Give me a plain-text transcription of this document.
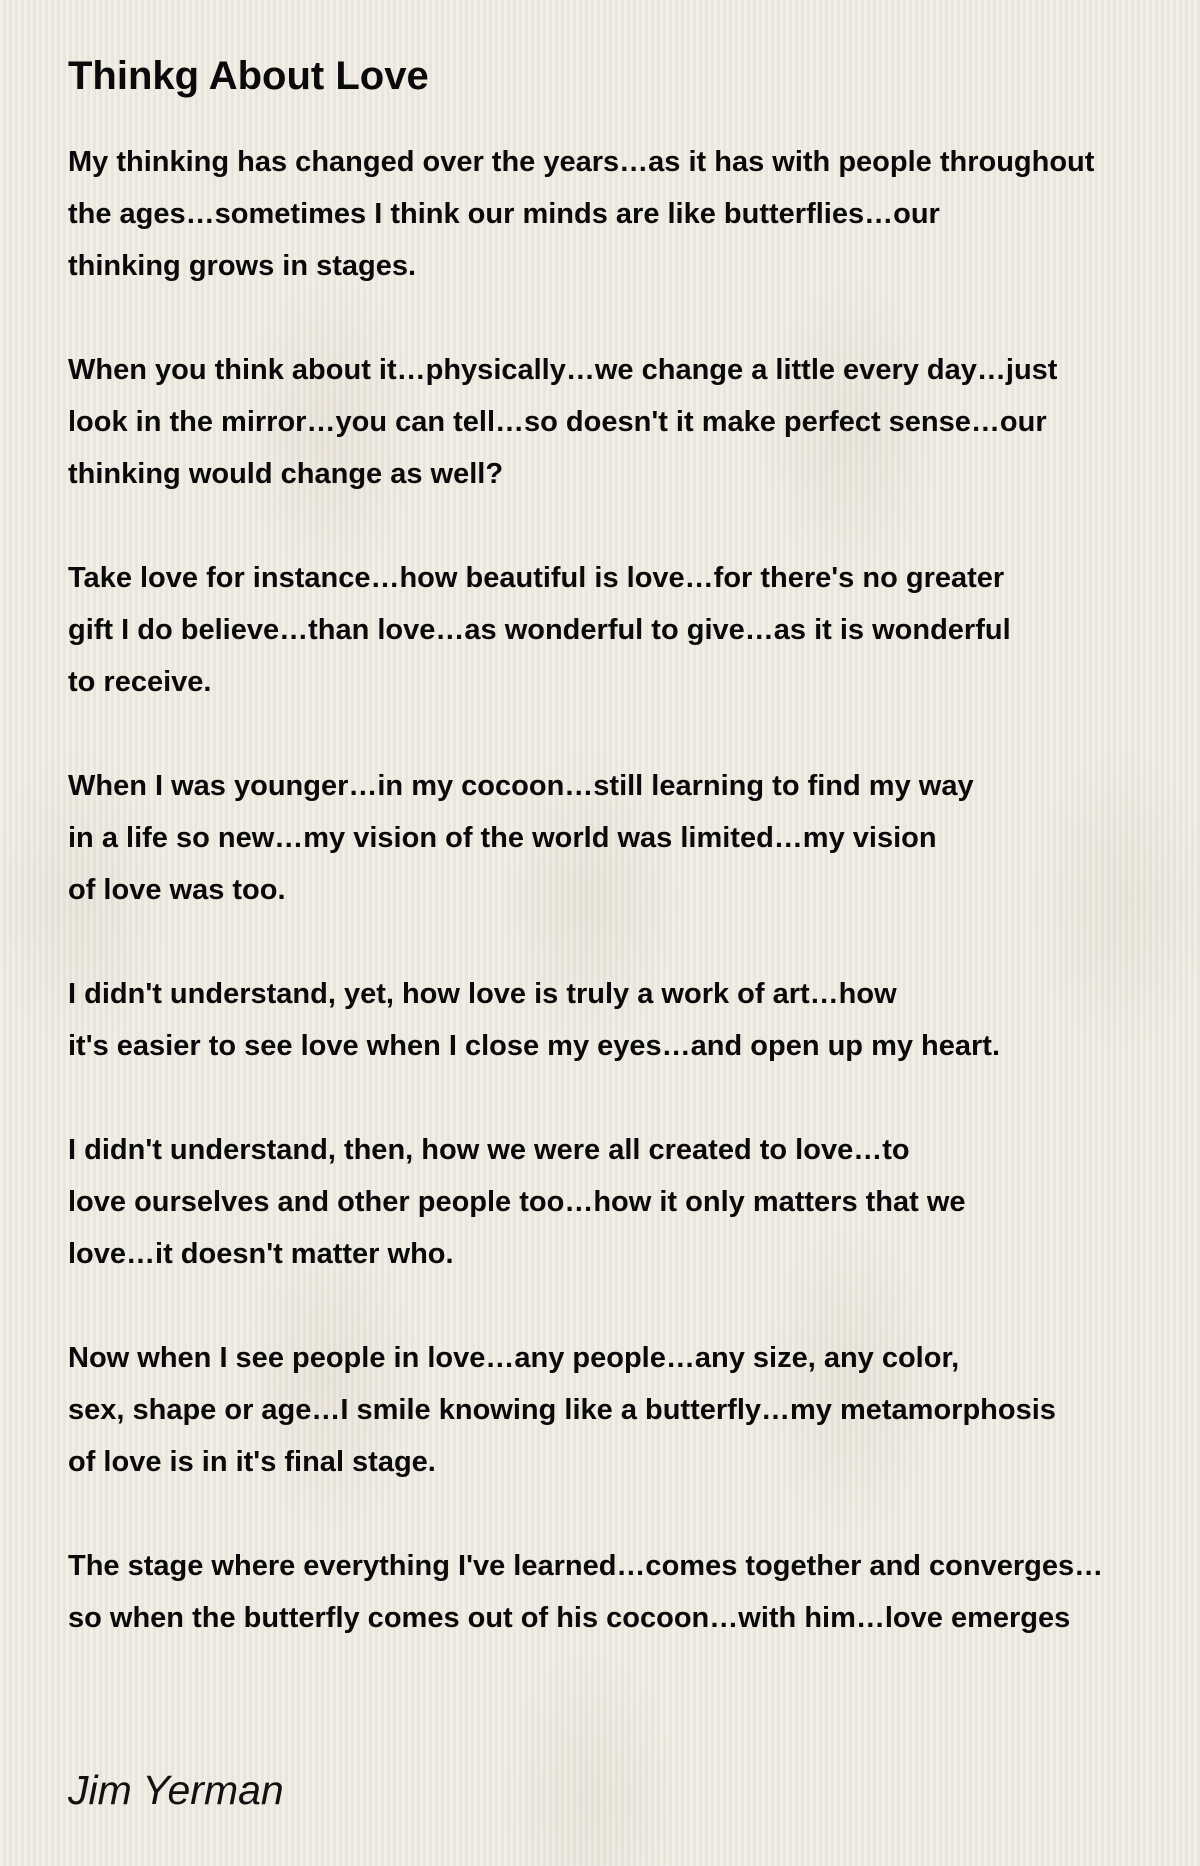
Thinkg About Love

My thinking has changed over the years…as it has with people throughout
the ages…sometimes I think our minds are like butterflies…our
thinking grows in stages.

When you think about it…physically…we change a little every day…just
look in the mirror…you can tell…so doesn't it make perfect sense…our
thinking would change as well?

Take love for instance…how beautiful is love…for there's no greater
gift I do believe…than love…as wonderful to give…as it is wonderful
to receive.

When I was younger…in my cocoon…still learning to find my way
in a life so new…my vision of the world was limited…my vision
of love was too.

I didn't understand, yet, how love is truly a work of art…how
it's easier to see love when I close my eyes…and open up my heart.

I didn't understand, then, how we were all created to love…to
love ourselves and other people too…how it only matters that we
love…it doesn't matter who.

Now when I see people in love…any people…any size, any color,
sex, shape or age…I smile knowing like a butterfly…my metamorphosis
of love is in it's final stage.

The stage where everything I've learned…comes together and converges…
so when the butterfly comes out of his cocoon…with him…love emerges

Jim Yerman
